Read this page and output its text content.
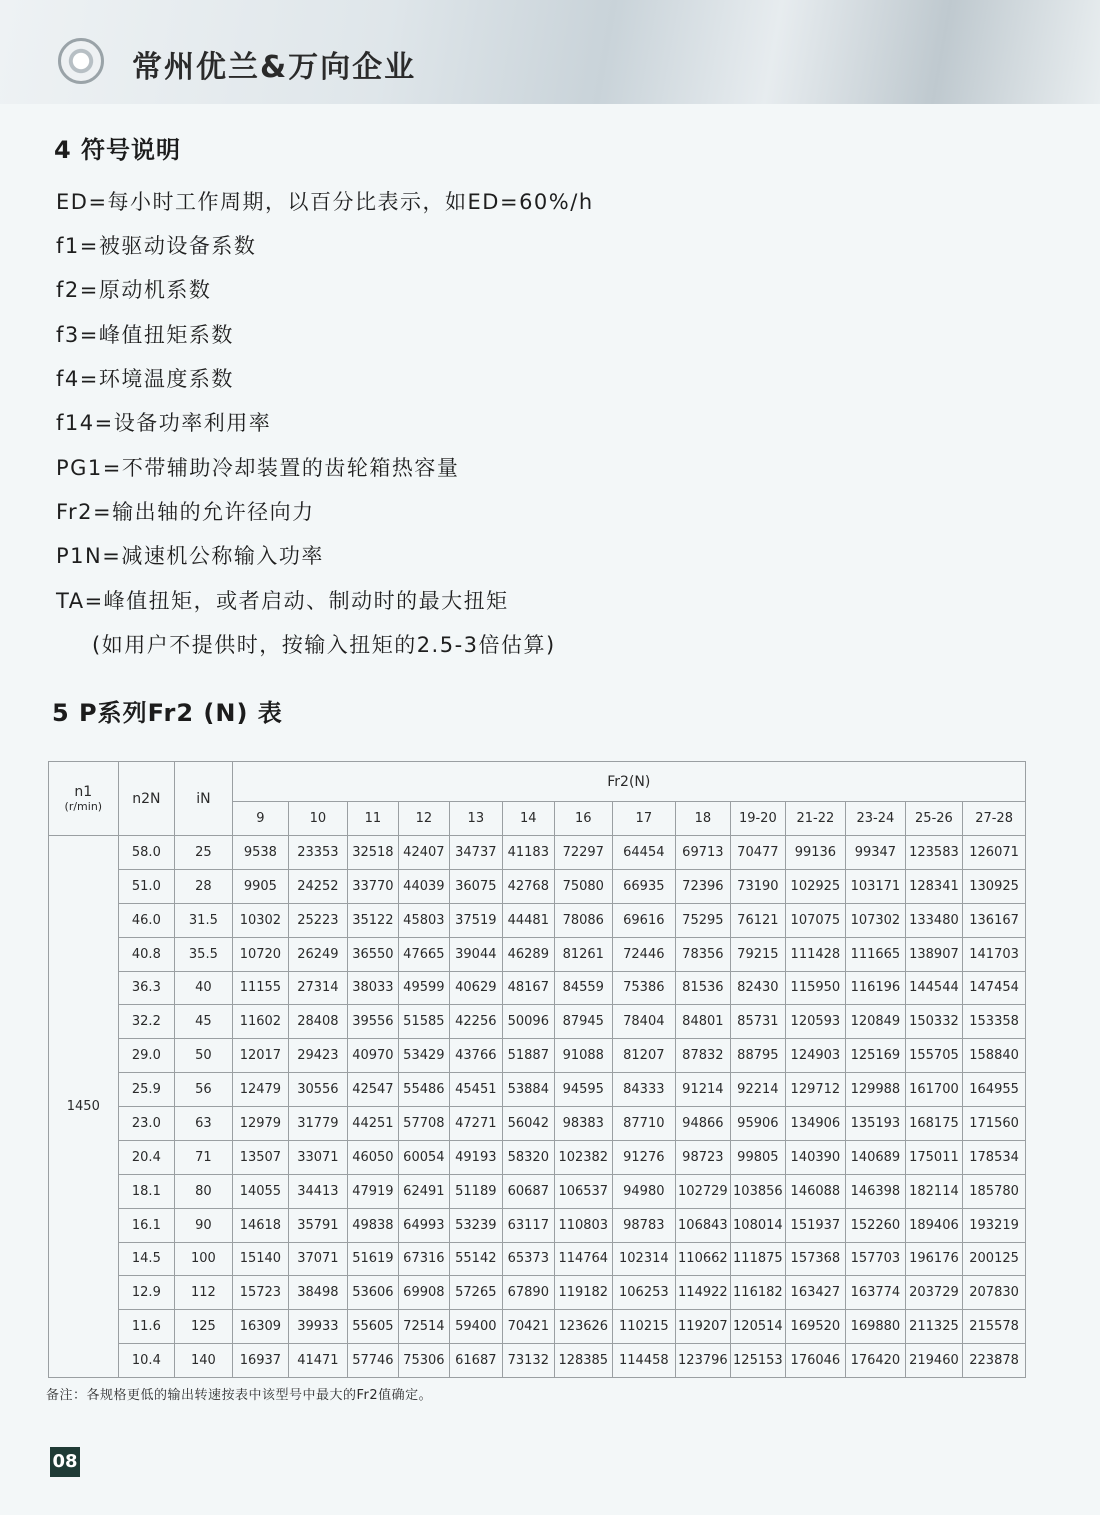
常州优兰&万向企业
4 符号说明
ED=每小时工作周期，以百分比表示，如ED=60%/h
f1=被驱动设备系数
f2=原动机系数
f3=峰值扭矩系数
f4=环境温度系数
f14=设备功率利用率
PG1=不带辅助冷却装置的齿轮箱热容量
Fr2=输出轴的允许径向力
P1N=减速机公称输入功率
TA=峰值扭矩，或者启动、制动时的最大扭矩
(如用户不提供时，按输入扭矩的2.5-3倍估算)
5 P系列Fr2 (N) 表
n1
(r/min)	n2N	iN	Fr2(N)													
			9	10	11	12	13	14	16	17	18	19-20	21-22	23-24	25-26	27-28
1450	58.0	25	9538	23353	32518	42407	34737	41183	72297	64454	69713	70477	99136	99347	123583	126071
	51.0	28	9905	24252	33770	44039	36075	42768	75080	66935	72396	73190	102925	103171	128341	130925
	46.0	31.5	10302	25223	35122	45803	37519	44481	78086	69616	75295	76121	107075	107302	133480	136167
	40.8	35.5	10720	26249	36550	47665	39044	46289	81261	72446	78356	79215	111428	111665	138907	141703
	36.3	40	11155	27314	38033	49599	40629	48167	84559	75386	81536	82430	115950	116196	144544	147454
	32.2	45	11602	28408	39556	51585	42256	50096	87945	78404	84801	85731	120593	120849	150332	153358
	29.0	50	12017	29423	40970	53429	43766	51887	91088	81207	87832	88795	124903	125169	155705	158840
	25.9	56	12479	30556	42547	55486	45451	53884	94595	84333	91214	92214	129712	129988	161700	164955
	23.0	63	12979	31779	44251	57708	47271	56042	98383	87710	94866	95906	134906	135193	168175	171560
	20.4	71	13507	33071	46050	60054	49193	58320	102382	91276	98723	99805	140390	140689	175011	178534
	18.1	80	14055	34413	47919	62491	51189	60687	106537	94980	102729	103856	146088	146398	182114	185780
	16.1	90	14618	35791	49838	64993	53239	63117	110803	98783	106843	108014	151937	152260	189406	193219
	14.5	100	15140	37071	51619	67316	55142	65373	114764	102314	110662	111875	157368	157703	196176	200125
	12.9	112	15723	38498	53606	69908	57265	67890	119182	106253	114922	116182	163427	163774	203729	207830
	11.6	125	16309	39933	55605	72514	59400	70421	123626	110215	119207	120514	169520	169880	211325	215578
	10.4	140	16937	41471	57746	75306	61687	73132	128385	114458	123796	125153	176046	176420	219460	223878
备注：各规格更低的输出转速按表中该型号中最大的Fr2值确定。
08
